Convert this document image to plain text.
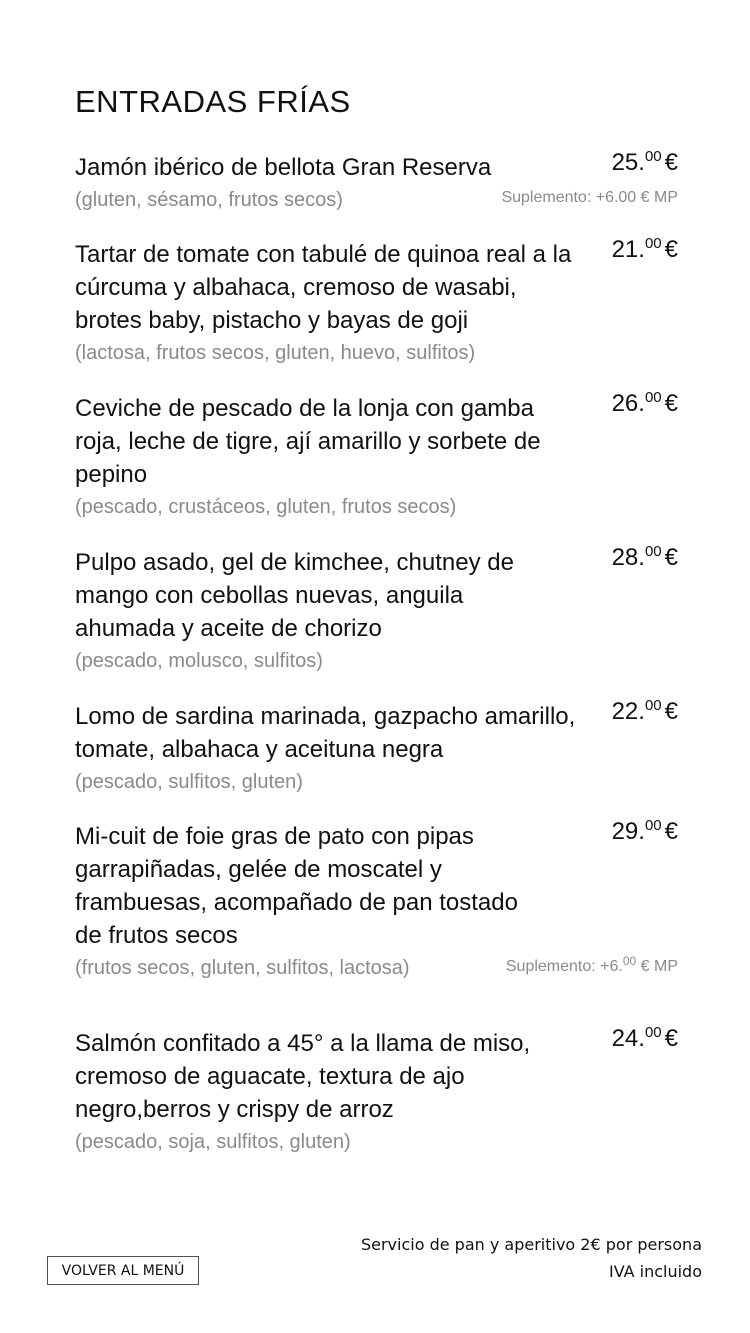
ENTRADAS FRÍAS
Jamón ibérico de bellota Gran Reserva
(gluten, sésamo, frutos secos)
25.00 €
Suplemento: +6.00 € MP
Tartar de tomate con tabulé de quinoa real a la cúrcuma y albahaca, cremoso de wasabi, brotes baby, pistacho y bayas de goji
(lactosa, frutos secos, gluten, huevo, sulfitos)
21.00 €
Ceviche de pescado de la lonja con gamba roja, leche de tigre, ají amarillo y sorbete de pepino
(pescado, crustáceos, gluten, frutos secos)
26.00 €
Pulpo asado, gel de kimchee, chutney de mango con cebollas nuevas, anguila ahumada y aceite de chorizo
(pescado, molusco, sulfitos)
28.00 €
Lomo de sardina marinada, gazpacho amarillo, tomate, albahaca y aceituna negra
(pescado, sulfitos, gluten)
22.00 €
Mi-cuit de foie gras de pato con pipas garrapiñadas, gelée de moscatel y frambuesas, acompañado de pan tostado de frutos secos
(frutos secos, gluten, sulfitos, lactosa)
29.00 €
Suplemento: +6.00 € MP
Salmón confitado a 45° a la llama de miso, cremoso de aguacate, textura de ajo negro,berros y crispy de arroz
(pescado, soja, sulfitos, gluten)
24.00 €
Servicio de pan y aperitivo 2€ por persona
IVA incluido
VOLVER AL MENÚ
